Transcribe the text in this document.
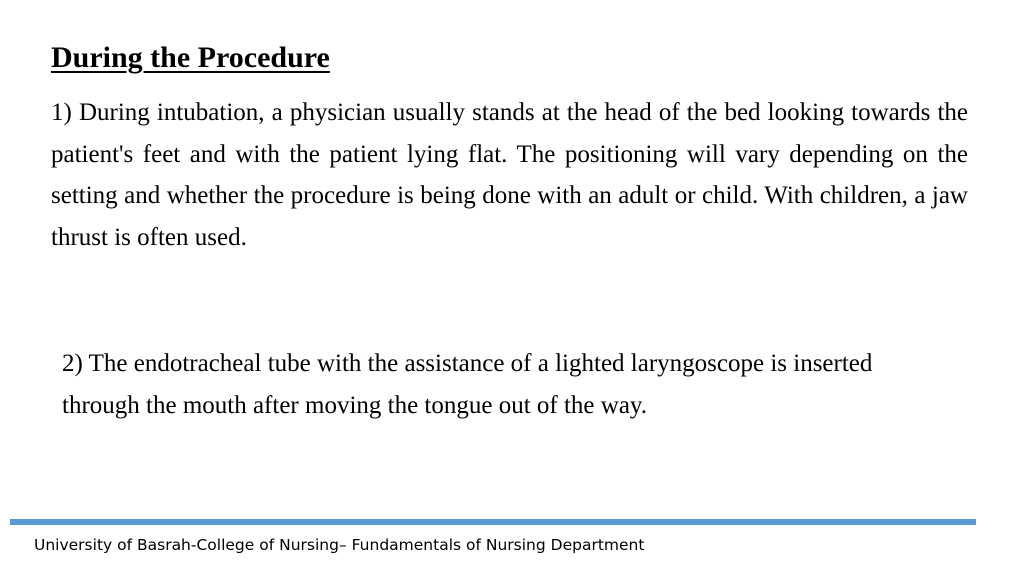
During the Procedure

1) During intubation, a physician usually stands at the head of the bed looking towards the patient's feet and with the patient lying flat. The positioning will vary depending on the setting and whether the procedure is being done with an adult or child. With children, a jaw thrust is often used.

2) The endotracheal tube with the assistance of a lighted laryngoscope is inserted through the mouth after moving the tongue out of the way.

University of Basrah-College of Nursing– Fundamentals of Nursing Department
